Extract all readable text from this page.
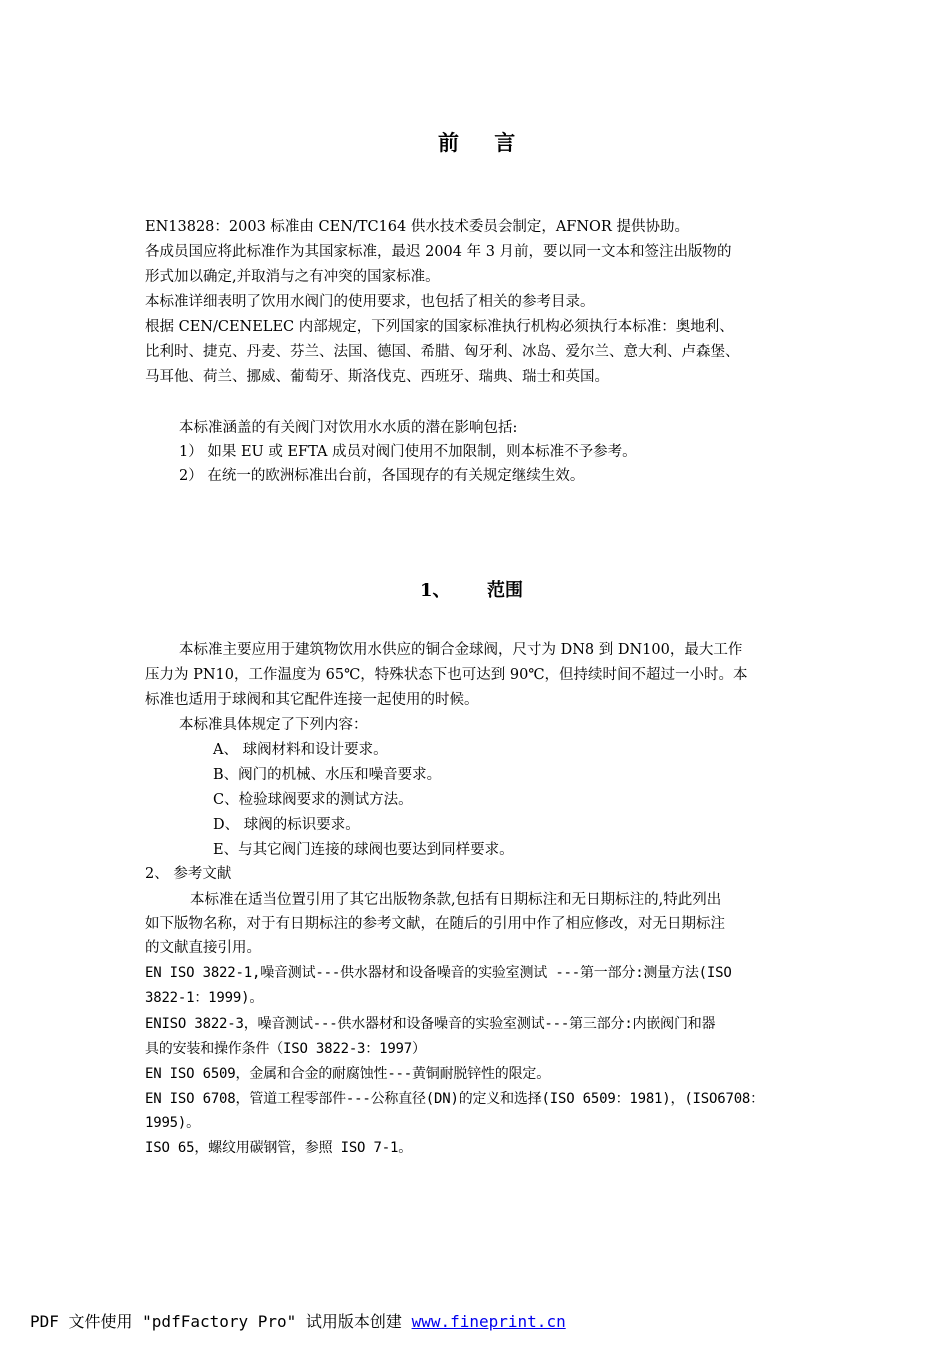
前 言
EN13828：2003 标准由 CEN/TC164 供水技术委员会制定，AFNOR 提供协助。
各成员国应将此标准作为其国家标准，最迟 2004 年 3 月前，要以同一文本和签注出版物的
形式加以确定,并取消与之有冲突的国家标准。
本标准详细表明了饮用水阀门的使用要求，也包括了相关的参考目录。
根据 CEN/CENELEC 内部规定，下列国家的国家标准执行机构必须执行本标准：奥地利、
比利时、捷克、丹麦、芬兰、法国、德国、希腊、匈牙利、冰岛、爱尔兰、意大利、卢森堡、
马耳他、荷兰、挪威、葡萄牙、斯洛伐克、西班牙、瑞典、瑞士和英国。
本标准涵盖的有关阀门对饮用水水质的潜在影响包括:
1） 如果 EU 或 EFTA 成员对阀门使用不加限制，则本标准不予参考。
2） 在统一的欧洲标准出台前，各国现存的有关规定继续生效。
1、 范围
本标准主要应用于建筑物饮用水供应的铜合金球阀，尺寸为 DN8 到 DN100，最大工作
压力为 PN10，工作温度为 65℃，特殊状态下也可达到 90℃，但持续时间不超过一小时。本
标准也适用于球阀和其它配件连接一起使用的时候。
本标准具体规定了下列内容：
A、 球阀材料和设计要求。
B、阀门的机械、水压和噪音要求。
C、检验球阀要求的测试方法。
D、 球阀的标识要求。
E、与其它阀门连接的球阀也要达到同样要求。
2、 参考文献
本标准在适当位置引用了其它出版物条款,包括有日期标注和无日期标注的,特此列出
如下版物名称，对于有日期标注的参考文献，在随后的引用中作了相应修改，对无日期标注
的文献直接引用。
EN ISO 3822-1,噪音测试---供水器材和设备噪音的实验室测试 ---第一部分:测量方法(ISO
3822-1：1999)。
ENISO 3822-3，噪音测试---供水器材和设备噪音的实验室测试---第三部分:内嵌阀门和器
具的安装和操作条件（ISO 3822-3：1997）
EN ISO 6509，金属和合金的耐腐蚀性---黄铜耐脱锌性的限定。
EN ISO 6708，管道工程零部件---公称直径(DN)的定义和选择(ISO 6509：1981)，(ISO6708：
1995)。
ISO 65，螺纹用碳钢管，参照 ISO 7-1。
PDF 文件使用 "pdfFactory Pro" 试用版本创建 www.fineprint.cn
